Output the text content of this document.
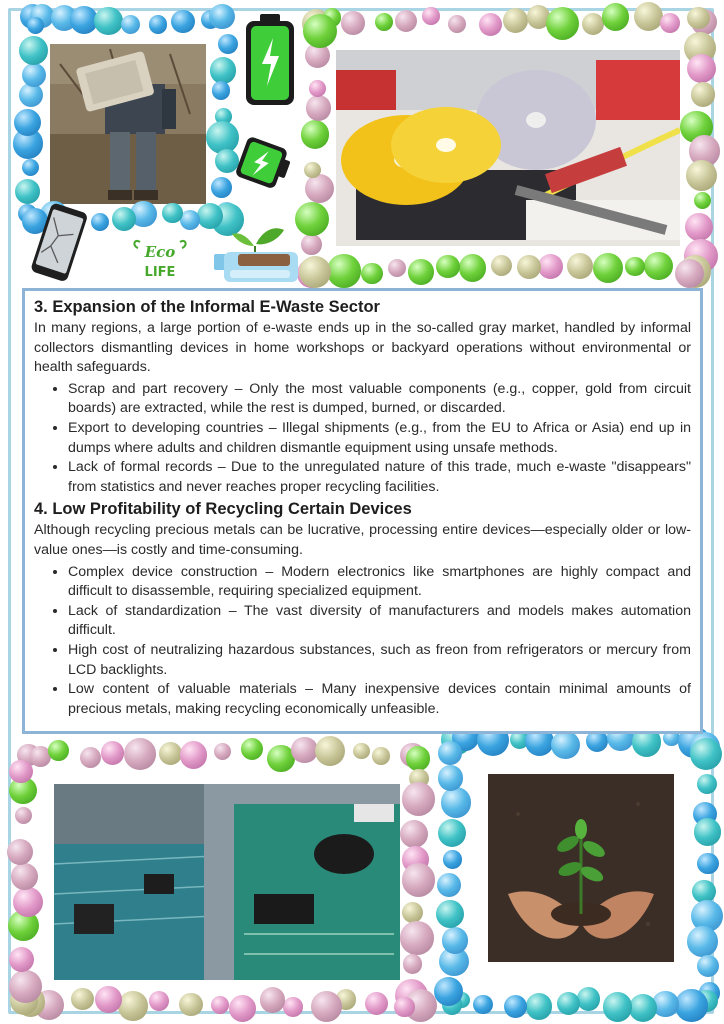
Eco
LIFE
3. Expansion of the Informal E-Waste Sector

In many regions, a large portion of e-waste ends up in the so-called gray market, handled by informal collectors dismantling devices in home workshops or backyard operations without environmental or health safeguards.

• Scrap and part recovery – Only the most valuable components (e.g., copper, gold from circuit boards) are extracted, while the rest is dumped, burned, or discarded.
• Export to developing countries – Illegal shipments (e.g., from the EU to Africa or Asia) end up in dumps where adults and children dismantle equipment using unsafe methods.
• Lack of formal records – Due to the unregulated nature of this trade, much e-waste "disappears" from statistics and never reaches proper recycling facilities.
4. Low Profitability of Recycling Certain Devices

Although recycling precious metals can be lucrative, processing entire devices—especially older or low-value ones—is costly and time-consuming.

• Complex device construction – Modern electronics like smartphones are highly compact and difficult to disassemble, requiring specialized equipment.
• Lack of standardization – The vast diversity of manufacturers and models makes automation difficult.
• High cost of neutralizing hazardous substances, such as freon from refrigerators or mercury from LCD backlights.
• Low content of valuable materials – Many inexpensive devices contain minimal amounts of precious metals, making recycling economically unfeasible.
